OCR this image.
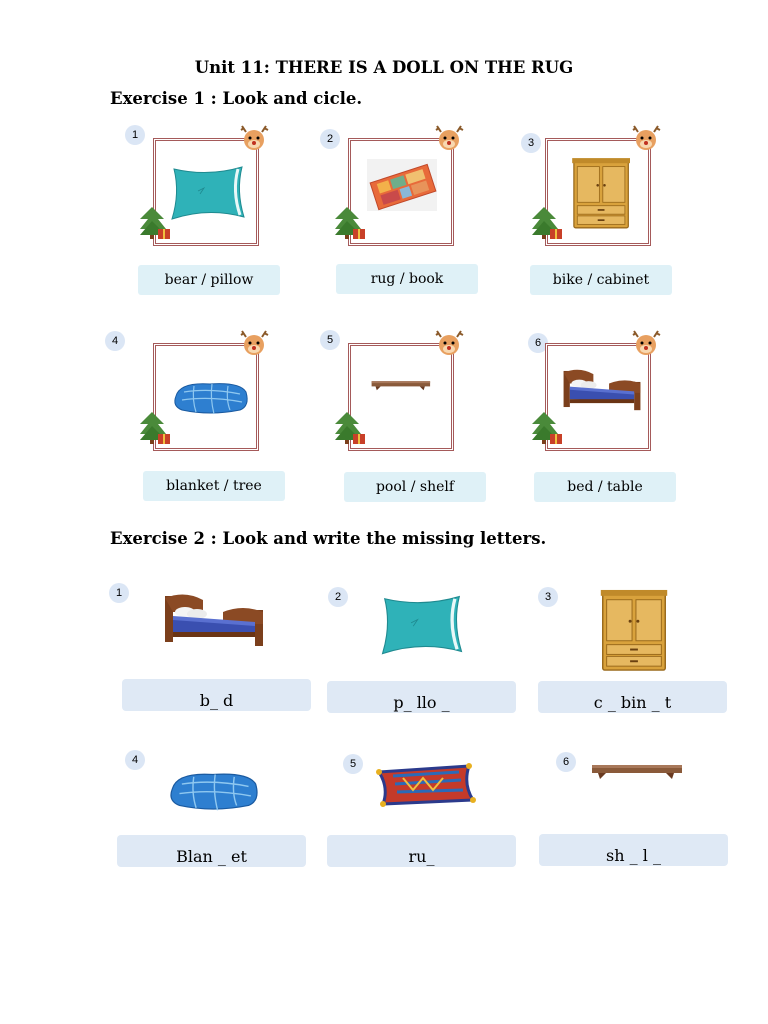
Unit 11: THERE IS A DOLL ON THE RUG
Exercise 1 : Look and cicle.
1
bear / pillow
2
rug / book
3
bike / cabinet
4
blanket / tree
5
pool / shelf
6
bed / table
Exercise 2 : Look and write the missing letters.
1
b_ d
2
p_ llo _
3
c _ bin _ t
4
Blan _ et
5
ru_
6
sh _ l _
